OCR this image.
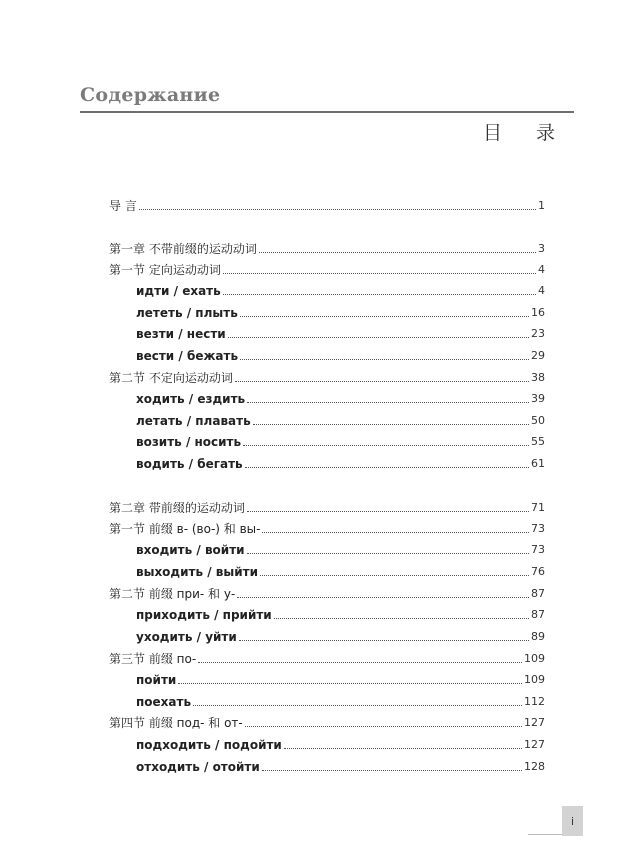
Содержание
目 录
导 言	1
第一章 不带前缀的运动动词	3
第一节 定向运动动词	4
идти / ехать	4
лететь / плыть	16
везти / нести	23
вести / бежать	29
第二节 不定向运动动词	38
ходить / ездить	39
летать / плавать	50
возить / носить	55
водить / бегать	61
第二章 带前缀的运动动词	71
第一节 前缀 в- (во-) 和 вы-	73
входить / войти	73
выходить / выйти	76
第二节 前缀 при- 和 у-	87
приходить / прийти	87
уходить / уйти	89
第三节 前缀 по-	109
пойти	109
поехать	112
第四节 前缀 под- 和 от-	127
подходить / подойти	127
отходить / отойти	128
i
